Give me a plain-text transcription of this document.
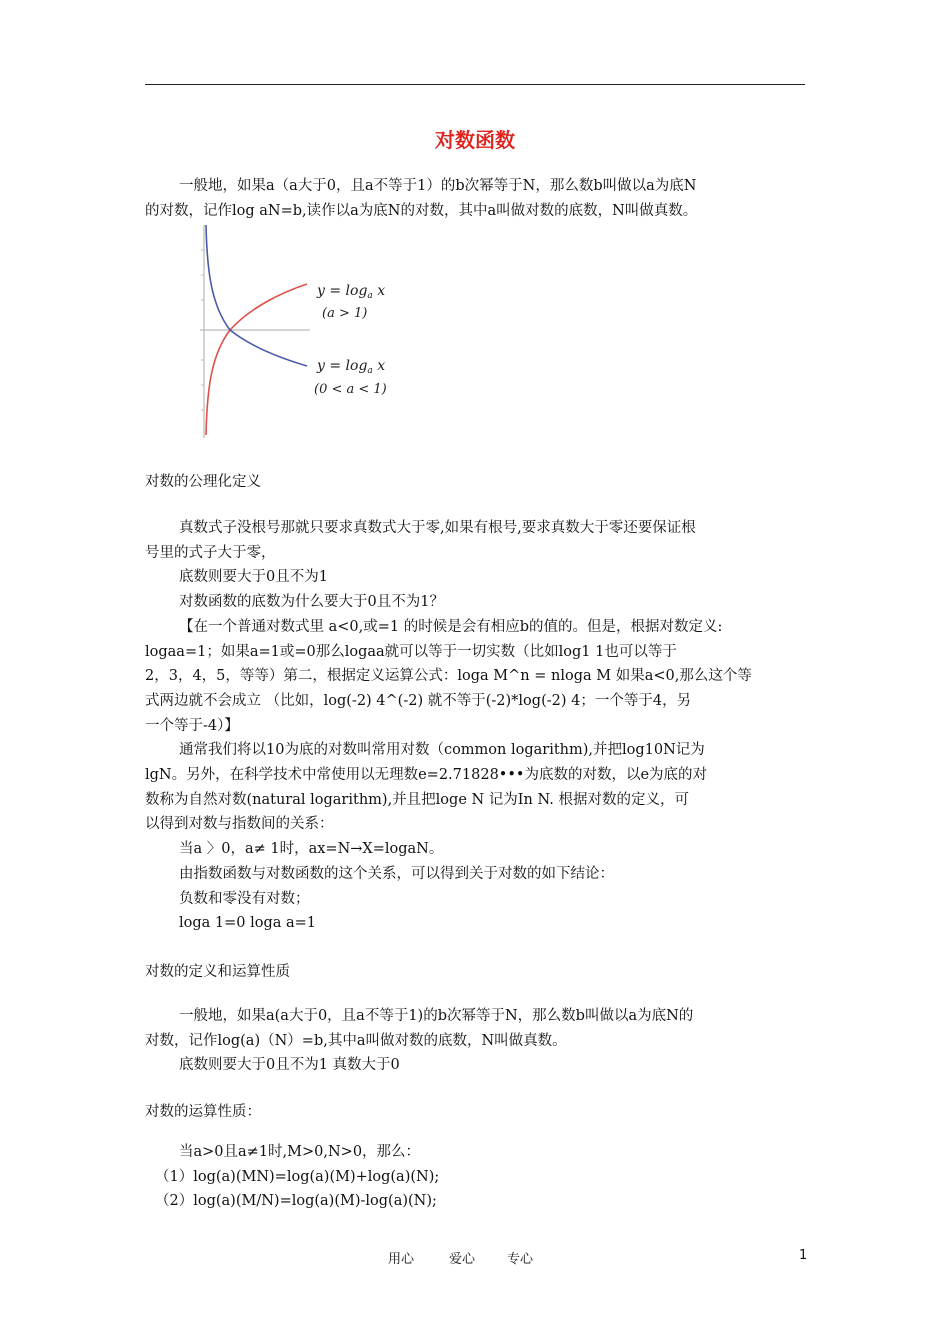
对数函数

一般地，如果a（a大于0，且a不等于1）的b次幂等于N，那么数b叫做以a为底N

的对数，记作log aN=b,读作以a为底N的对数，其中a叫做对数的底数，N叫做真数。

$y = \log_a x$
(a > 1)
$y = \log_a x$
(0 < a < 1)
对数的公理化定义

真数式子没根号那就只要求真数式大于零,如果有根号,要求真数大于零还要保证根

号里的式子大于零，

底数则要大于0且不为1

对数函数的底数为什么要大于0且不为1？

【在一个普通对数式里 a<0,或=1 的时候是会有相应b的值的。但是，根据对数定义:

logaa=1；如果a=1或=0那么logaa就可以等于一切实数（比如log1 1也可以等于

2，3，4，5，等等）第二，根据定义运算公式：loga M^n = nloga M 如果a<0,那么这个等

式两边就不会成立 （比如，log(-2) 4^(-2) 就不等于(-2)*log(-2) 4；一个等于4，另

一个等于-4）】

通常我们将以10为底的对数叫常用对数（common logarithm),并把log10N记为

lgN。另外，在科学技术中常使用以无理数e=2.71828•••为底数的对数，以e为底的对

数称为自然对数(natural logarithm),并且把loge N 记为In N. 根据对数的定义，可

以得到对数与指数间的关系：

当a 〉0，a≠ 1时，ax=N→X=logaN。

由指数函数与对数函数的这个关系，可以得到关于对数的如下结论：

负数和零没有对数；

loga 1=0 loga a=1

对数的定义和运算性质

一般地，如果a(a大于0，且a不等于1)的b次幂等于N，那么数b叫做以a为底N的

对数，记作log(a)（N）=b,其中a叫做对数的底数，N叫做真数。

底数则要大于0且不为1 真数大于0

对数的运算性质：

当a>0且a≠1时,M>0,N>0，那么：

（1）log(a)(MN)=log(a)(M)+log(a)(N);

（2）log(a)(M/N)=log(a)(M)-log(a)(N);

用心	爱心 专心	1
